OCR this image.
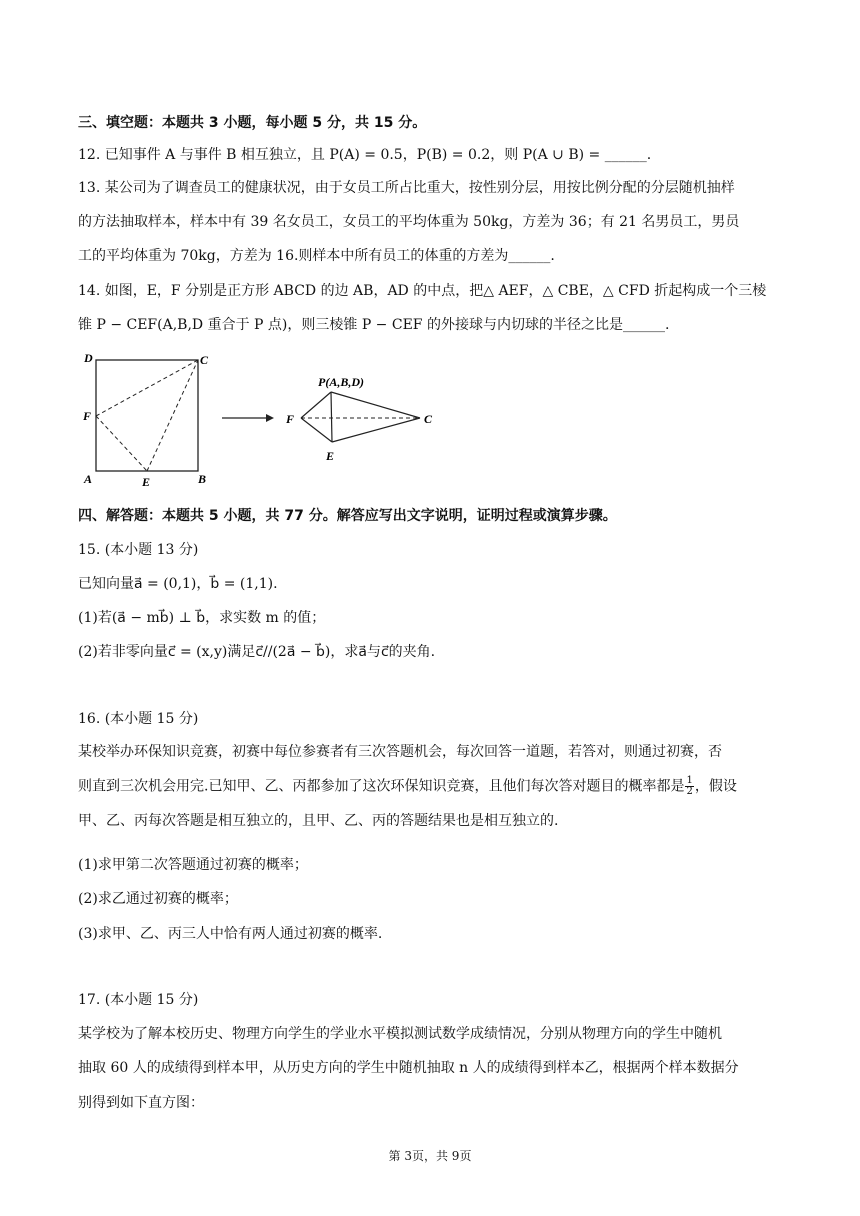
三、填空题：本题共 3 小题，每小题 5 分，共 15 分。
12. 已知事件 A 与事件 B 相互独立，且 P(A) = 0.5，P(B) = 0.2，则 P(A ∪ B) = ______.
13. 某公司为了调查员工的健康状况，由于女员工所占比重大，按性别分层，用按比例分配的分层随机抽样
的方法抽取样本，样本中有 39 名女员工，女员工的平均体重为 50kg，方差为 36；有 21 名男员工，男员
工的平均体重为 70kg，方差为 16.则样本中所有员工的体重的方差为______.
14. 如图，E，F 分别是正方形 ABCD 的边 AB，AD 的中点，把△ AEF，△ CBE，△ CFD 折起构成一个三棱
锥 P − CEF(A,B,D 重合于 P 点)，则三棱锥 P − CEF 的外接球与内切球的半径之比是______.
D	C
F
A	E	B
P(A,B,D)
F	C
E
四、解答题：本题共 5 小题，共 77 分。解答应写出文字说明，证明过程或演算步骤。
15. (本小题 13 分)
已知向量a⃗ = (0,1)，b⃗ = (1,1).
(1)若(a⃗ − mb⃗) ⊥ b⃗，求实数 m 的值；
(2)若非零向量c⃗ = (x,y)满足c⃗//(2a⃗ − b⃗)，求a⃗与c⃗的夹角.
16. (本小题 15 分)
某校举办环保知识竞赛，初赛中每位参赛者有三次答题机会，每次回答一道题，若答对，则通过初赛，否
则直到三次机会用完.已知甲、乙、丙都参加了这次环保知识竞赛，且他们每次答对题目的概率都是 $\frac{1}{2}$ ，假设
甲、乙、丙每次答题是相互独立的，且甲、乙、丙的答题结果也是相互独立的.
(1)求甲第二次答题通过初赛的概率；
(2)求乙通过初赛的概率；
(3)求甲、乙、丙三人中恰有两人通过初赛的概率.
17. (本小题 15 分)
某学校为了解本校历史、物理方向学生的学业水平模拟测试数学成绩情况，分别从物理方向的学生中随机
抽取 60 人的成绩得到样本甲，从历史方向的学生中随机抽取 n 人的成绩得到样本乙，根据两个样本数据分
别得到如下直方图：
第 3页，共 9页
